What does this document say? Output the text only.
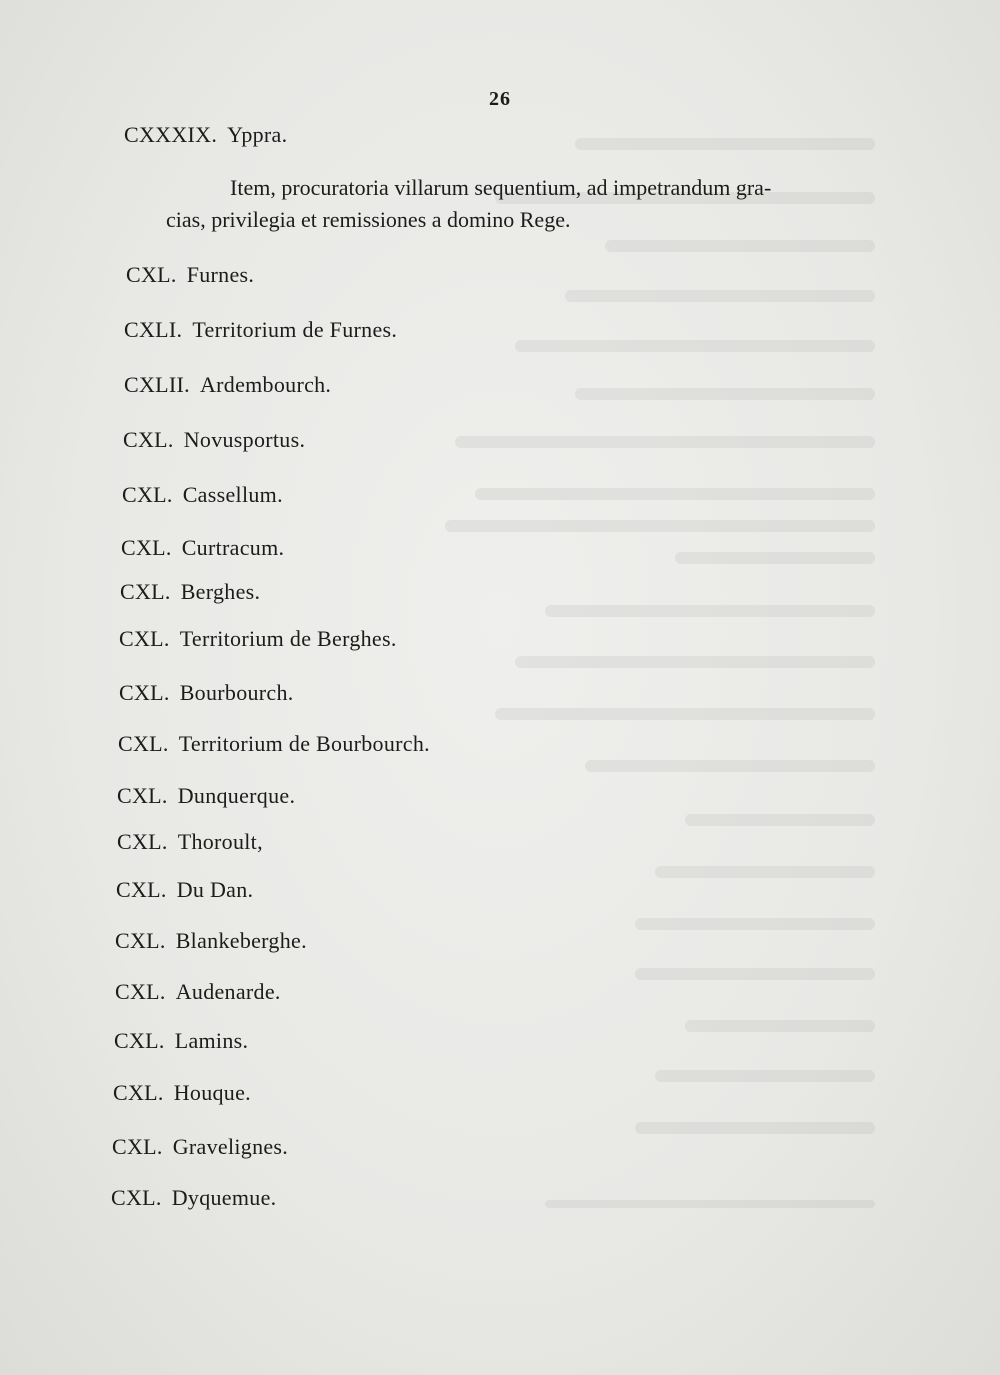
26
CXXXIX. Yppra.
Item, procuratoria villarum sequentium, ad impetrandum gra-
cias, privilegia et remissiones a domino Rege.
CXL. Furnes.
CXLI. Territorium de Furnes.
CXLII. Ardembourch.
CXL. Novusportus.
CXL. Cassellum.
CXL. Curtracum.
CXL. Berghes.
CXL. Territorium de Berghes.
CXL. Bourbourch.
CXL. Territorium de Bourbourch.
CXL. Dunquerque.
CXL. Thoroult,
CXL. Du Dan.
CXL. Blankeberghe.
CXL. Audenarde.
CXL. Lamins.
CXL. Houque.
CXL. Gravelignes.
CXL. Dyquemue.
